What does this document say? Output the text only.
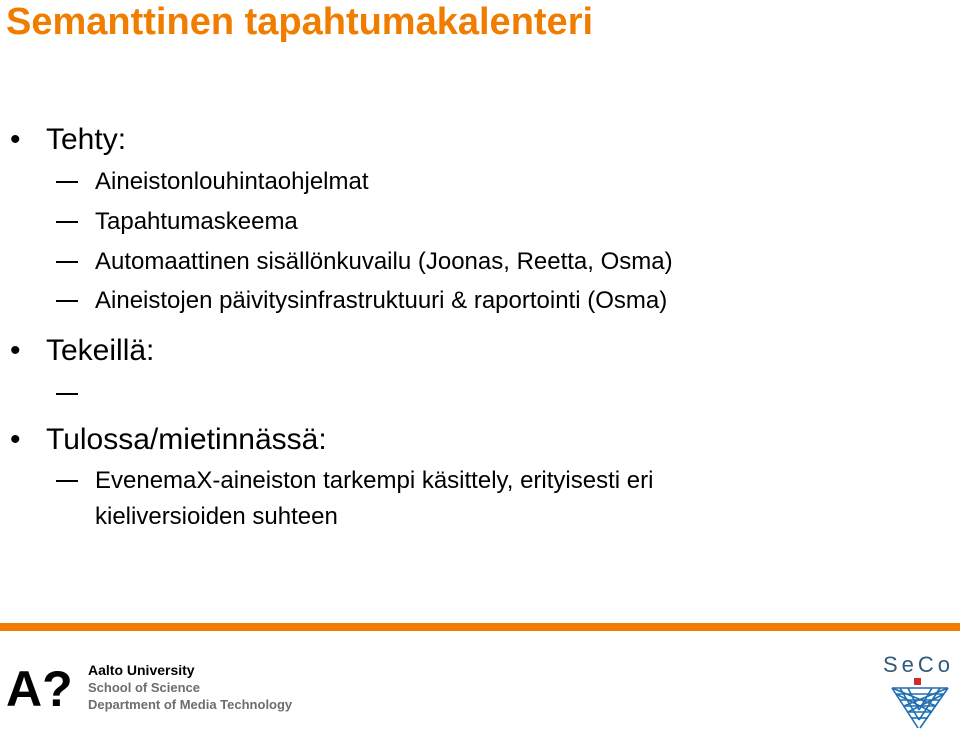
Semanttinen tapahtumakalenteri
• Tehty:
Aineistonlouhintaohjelmat
Tapahtumaskeema
Automaattinen sisällönkuvailu (Joonas, Reetta, Osma)
Aineistojen päivitysinfrastruktuuri & raportointi (Osma)
• Tekeillä:
• Tulossa/mietinnässä:
EvenemaX-aineiston tarkempi käsittely, erityisesti eri
kieliversioiden suhteen
A? Aalto University
School of Science
Department of Media Technology
SeCo
